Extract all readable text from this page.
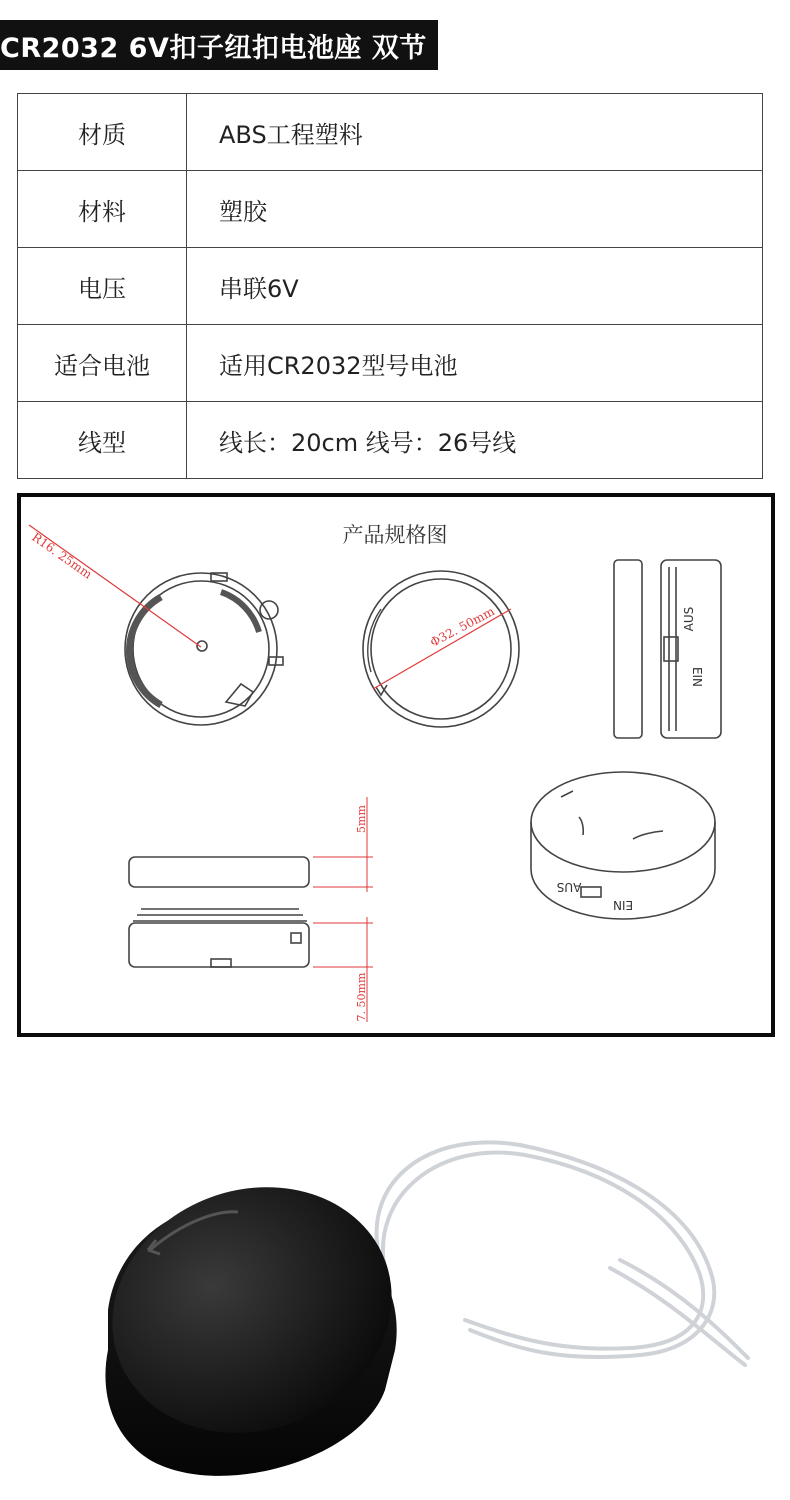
CR2032 6V扣子纽扣电池座 双节
材质	ABS工程塑料
材料	塑胶
电压	串联6V
适合电池	适用CR2032型号电池
线型	线长：20cm 线号：26号线
产品规格图
R16. 25mm
Φ32. 50mm	AUS
EIN
5mm
7. 50mm
AUS
EIN
